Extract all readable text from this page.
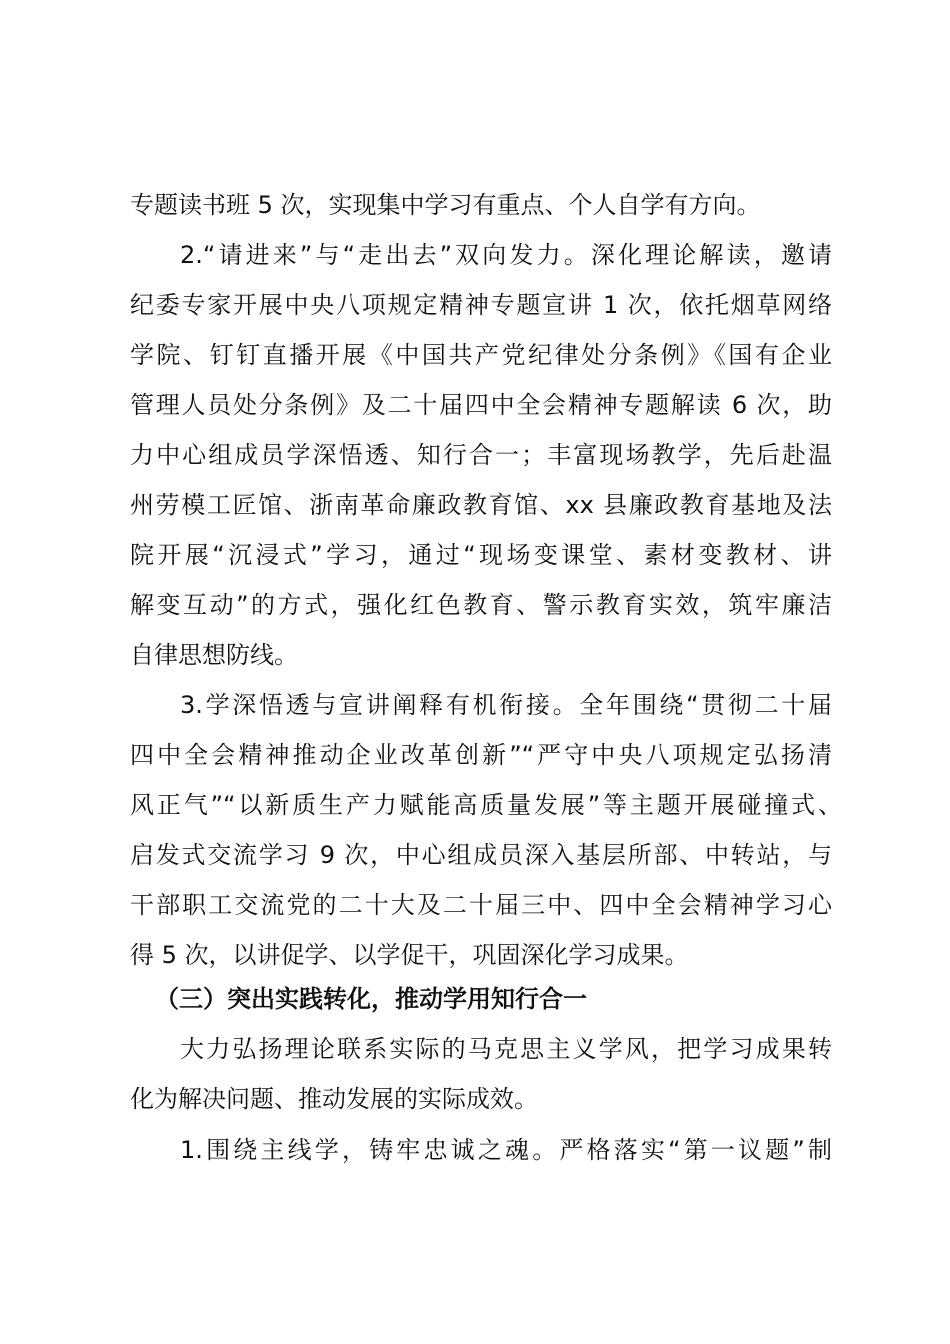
专题读书班 5 次，实现集中学习有重点、个人自学有方向。
2.“请进来”与“走出去”双向发力。深化理论解读，邀请
纪委专家开展中央八项规定精神专题宣讲 1 次，依托烟草网络
学院、钉钉直播开展《中国共产党纪律处分条例》《国有企业
管理人员处分条例》及二十届四中全会精神专题解读 6 次，助
力中心组成员学深悟透、知行合一；丰富现场教学，先后赴温
州劳模工匠馆、浙南革命廉政教育馆、xx 县廉政教育基地及法
院开展“沉浸式”学习，通过“现场变课堂、素材变教材、讲
解变互动”的方式，强化红色教育、警示教育实效，筑牢廉洁
自律思想防线。
3.学深悟透与宣讲阐释有机衔接。全年围绕“贯彻二十届
四中全会精神推动企业改革创新”“严守中央八项规定弘扬清
风正气”“以新质生产力赋能高质量发展”等主题开展碰撞式、
启发式交流学习 9 次，中心组成员深入基层所部、中转站，与
干部职工交流党的二十大及二十届三中、四中全会精神学习心
得 5 次，以讲促学、以学促干，巩固深化学习成果。
（三）突出实践转化，推动学用知行合一
大力弘扬理论联系实际的马克思主义学风，把学习成果转
化为解决问题、推动发展的实际成效。
1.围绕主线学，铸牢忠诚之魂。严格落实“第一议题”制
